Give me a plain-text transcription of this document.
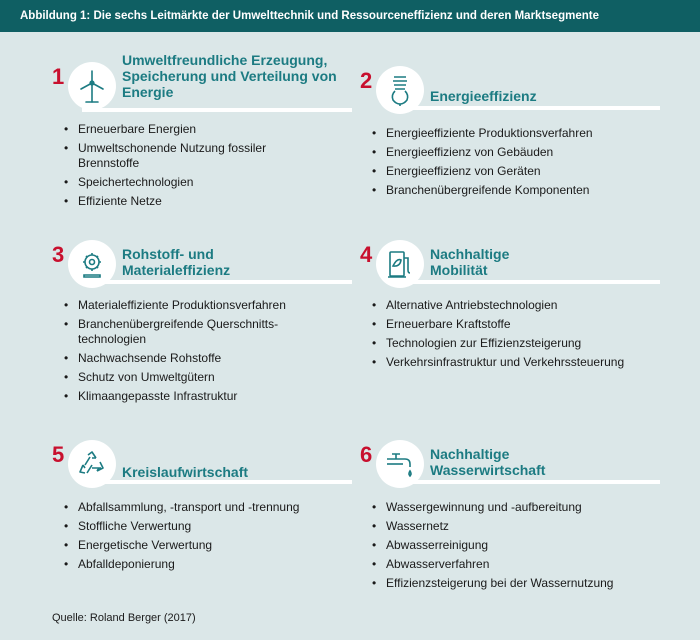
Abbildung 1: Die sechs Leitmärkte der Umwelttechnik und Ressourceneffizienz und deren Marktsegmente
1
Umweltfreundliche Erzeugung, Speicherung und Verteilung von Energie
• Erneuerbare Energien
• Umweltschonende Nutzung fossiler Brennstoffe
• Speichertechnologien
• Effiziente Netze
2
Energieeffizienz
• Energieeffiziente Produktionsverfahren
• Energieeffizienz von Gebäuden
• Energieeffizienz von Geräten
• Branchenübergreifende Komponenten
3	Rohstoff- und Materialeffizienz
• Materialeffiziente Produktionsverfahren
• Branchenübergreifende Querschnitts-technologien
• Nachwachsende Rohstoffe
• Schutz von Umweltgütern
• Klimaangepasste Infrastruktur
4	Nachhaltige Mobilität
• Alternative Antriebstechnologien
• Erneuerbare Kraftstoffe
• Technologien zur Effizienzsteigerung
• Verkehrsinfrastruktur und Verkehrssteuerung
5
Kreislaufwirtschaft
• Abfallsammlung, -transport und -trennung
• Stoffliche Verwertung
• Energetische Verwertung
• Abfalldeponierung
6	Nachhaltige Wasserwirtschaft
• Wassergewinnung und -aufbereitung
• Wassernetz
• Abwasserreinigung
• Abwasserverfahren
• Effizienzsteigerung bei der Wassernutzung
Quelle: Roland Berger (2017)
